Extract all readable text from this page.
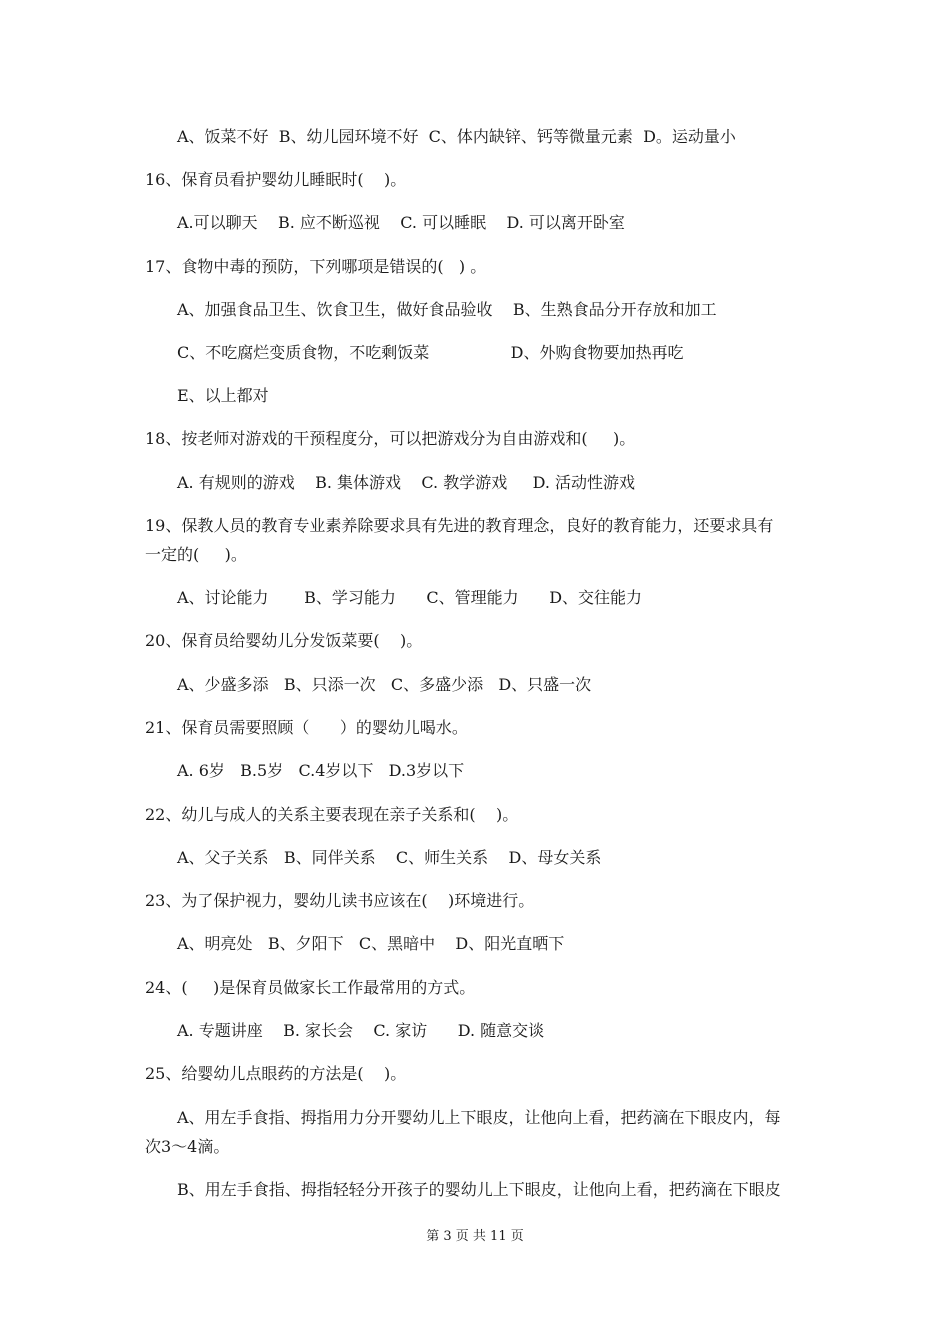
A、饭菜不好  B、幼儿园环境不好  C、体内缺锌、钙等微量元素  D。运动量小
16、保育员看护婴幼儿睡眠时(    )。
A.可以聊天    B. 应不断巡视    C. 可以睡眠    D. 可以离开卧室
17、食物中毒的预防，下列哪项是错误的(   ) 。
A、加强食品卫生、饮食卫生，做好食品验收    B、生熟食品分开存放和加工
C、不吃腐烂变质食物，不吃剩饭菜                D、外购食物要加热再吃
E、以上都对
18、按老师对游戏的干预程度分，可以把游戏分为自由游戏和(     )。
A. 有规则的游戏    B. 集体游戏    C. 教学游戏     D. 活动性游戏
19、保教人员的教育专业素养除要求具有先进的教育理念，良好的教育能力，还要求具有
一定的(     )。
A、讨论能力       B、学习能力      C、管理能力      D、交往能力
20、保育员给婴幼儿分发饭菜要(    )。
A、少盛多添   B、只添一次   C、多盛少添   D、只盛一次
21、保育员需要照顾（      ）的婴幼儿喝水。
A. 6岁   B.5岁   C.4岁以下   D.3岁以下
22、幼儿与成人的关系主要表现在亲子关系和(    )。
A、父子关系   B、同伴关系    C、师生关系    D、母女关系
23、为了保护视力，婴幼儿读书应该在(    )环境进行。
A、明亮处   B、夕阳下   C、黑暗中    D、阳光直晒下
24、(     )是保育员做家长工作最常用的方式。
A. 专题讲座    B. 家长会    C. 家访      D. 随意交谈
25、给婴幼儿点眼药的方法是(    )。
A、用左手食指、拇指用力分开婴幼儿上下眼皮，让他向上看，把药滴在下眼皮内，每
次3～4滴。
B、用左手食指、拇指轻轻分开孩子的婴幼儿上下眼皮，让他向上看，把药滴在下眼皮
第 3 页 共 11 页
